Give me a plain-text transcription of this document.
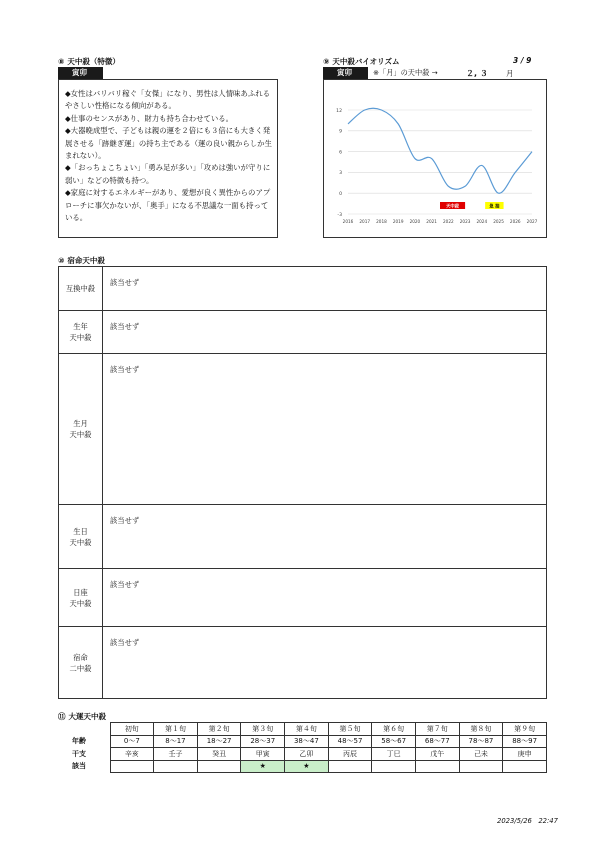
⑧ 天中殺（特徴）
寅卯

◆女性はバリバリ稼ぐ「女傑」になり、男性は人情味あふれるやさしい性格になる傾向がある。

◆仕事のセンスがあり、財力も持ち合わせている。

◆大器晩成型で、子どもは親の運を２倍にも３倍にも大きく発展させる「跡継ぎ運」の持ち主である（運の良い親からしか生まれない）。

◆「おっちょこちょい」「勇み足が多い」「攻めは強いが守りに弱い」などの特徴も持つ。

◆家庭に対するエネルギーがあり、愛想が良く異性からのアプローチに事欠かないが、「奥手」になる不思議な一面も持っている。

⑨ 天中殺バイオリズム	3 / 9
寅卯	※「月」の天中殺 →	２, ３ 月
12
9
6
3
0
-3
2016 2017 2018 2019 2020 2021 2022 2023 2024 2025 2026 2027
天中殺	急 抽
⑩ 宿命天中殺
互換中殺	該当せず
生年
天中殺	該当せず
生月
天中殺	該当せず
生日
天中殺	該当せず
日座
天中殺	該当せず
宿命
二中殺	該当せず
⑪ 大運天中殺
	初旬	第１旬	第２旬	第３旬	第４旬	第５旬	第６旬	第７旬	第８旬	第９旬
年齢	0～7	8～17	18～27	28～37	38～47	48～57	58～67	68～77	78～87	88～97
干支	辛亥	壬子	癸丑	甲寅	乙卯	丙辰	丁巳	戊午	己未	庚申
該当				★	★					
2023/5/26 22:47
